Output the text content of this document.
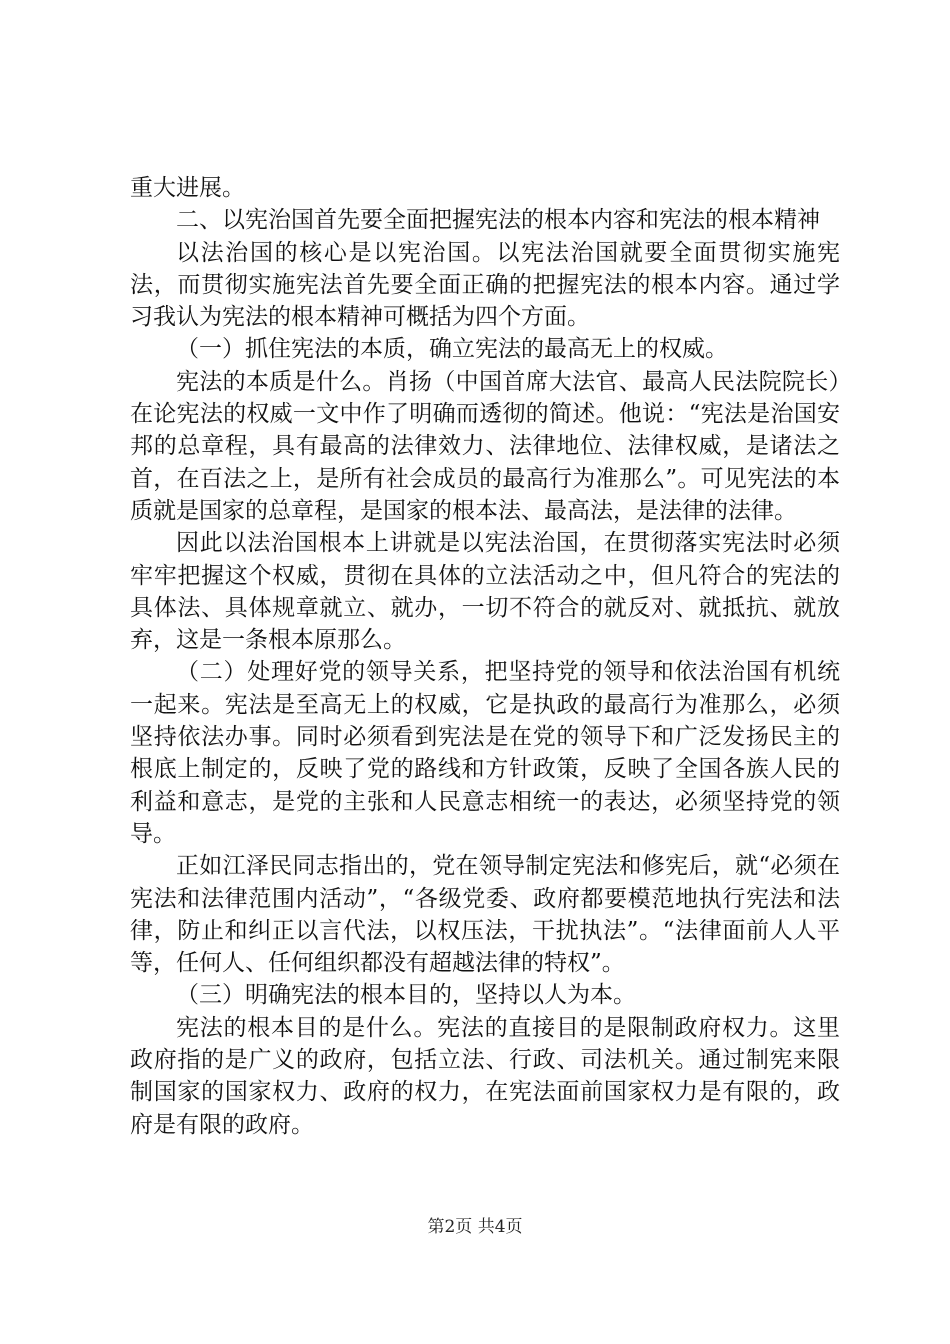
重大进展。

二、以宪治国首先要全面把握宪法的根本内容和宪法的根本精神

以法治国的核心是以宪治国。以宪法治国就要全面贯彻实施宪法，而贯彻实施宪法首先要全面正确的把握宪法的根本内容。通过学习我认为宪法的根本精神可概括为四个方面。

（一）抓住宪法的本质，确立宪法的最高无上的权威。

宪法的本质是什么。肖扬（中国首席大法官、最高人民法院院长）在论宪法的权威一文中作了明确而透彻的简述。他说：“宪法是治国安邦的总章程，具有最高的法律效力、法律地位、法律权威，是诸法之首，在百法之上，是所有社会成员的最高行为准那么”。可见宪法的本质就是国家的总章程，是国家的根本法、最高法，是法律的法律。

因此以法治国根本上讲就是以宪法治国，在贯彻落实宪法时必须牢牢把握这个权威，贯彻在具体的立法活动之中，但凡符合的宪法的具体法、具体规章就立、就办，一切不符合的就反对、就抵抗、就放弃，这是一条根本原那么。

（二）处理好党的领导关系，把坚持党的领导和依法治国有机统一起来。宪法是至高无上的权威，它是执政的最高行为准那么，必须坚持依法办事。同时必须看到宪法是在党的领导下和广泛发扬民主的根底上制定的，反映了党的路线和方针政策，反映了全国各族人民的利益和意志，是党的主张和人民意志相统一的表达，必须坚持党的领导。

正如江泽民同志指出的，党在领导制定宪法和修宪后，就“必须在宪法和法律范围内活动”，“各级党委、政府都要模范地执行宪法和法律，防止和纠正以言代法，以权压法，干扰执法”。“法律面前人人平等，任何人、任何组织都没有超越法律的特权”。

（三）明确宪法的根本目的，坚持以人为本。

宪法的根本目的是什么。宪法的直接目的是限制政府权力。这里政府指的是广义的政府，包括立法、行政、司法机关。通过制宪来限制国家的国家权力、政府的权力，在宪法面前国家权力是有限的，政府是有限的政府。

第2页 共4页
